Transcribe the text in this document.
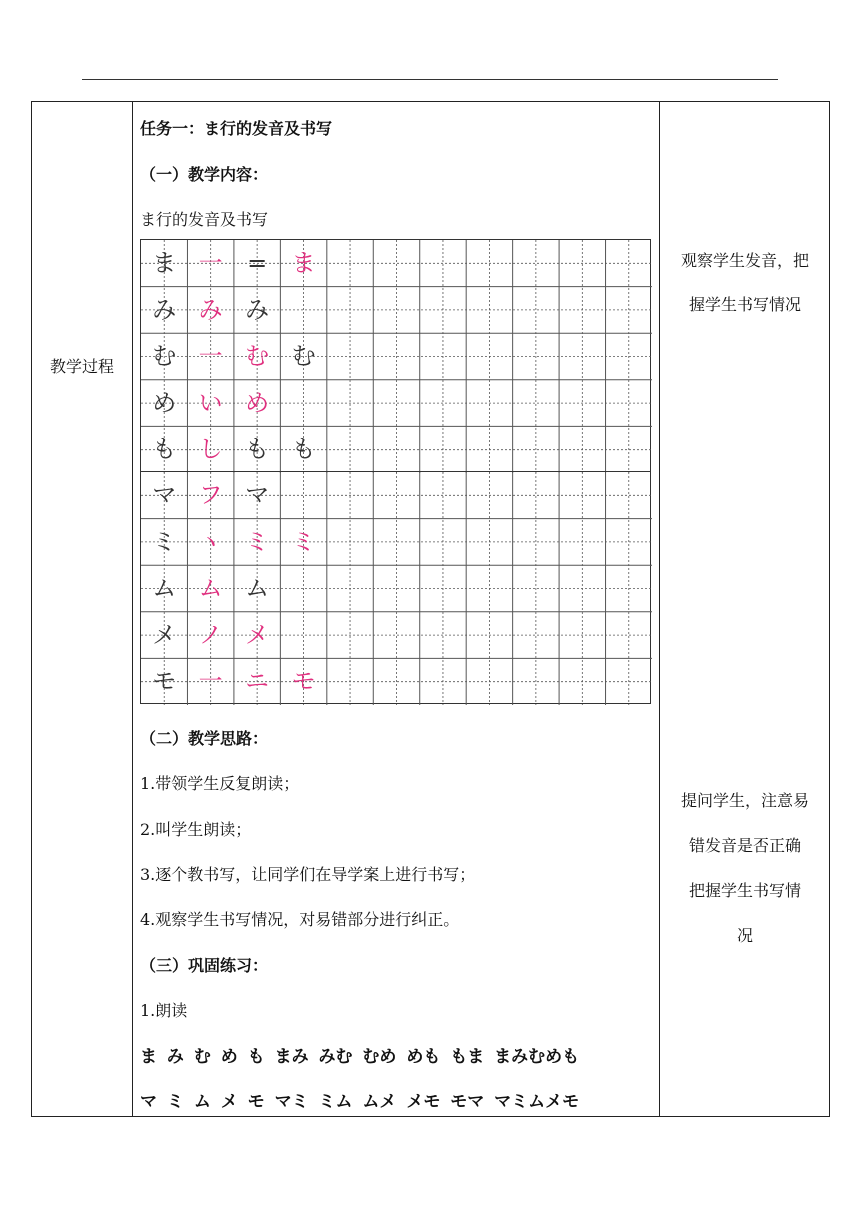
教学过程
任务一：ま行的发音及书写
（一）教学内容：
ま行的发音及书写
ま 一	=	ま
み み み
む 一 む む
め い め
も し も も
マ フ マ
ミ ヽ ミ ミ
ム ム ム
メ ノ メ
モ 一 ニ モ
（二）教学思路：
1.带领学生反复朗读；
2.叫学生朗读；
3.逐个教书写，让同学们在导学案上进行书写；
4.观察学生书写情况，对易错部分进行纠正。
（三）巩固练习：
1.朗读
ま み む め も まみ みむ むめ めも もま まみむめも
マ ミ ム メ モ マミ ミム ムメ メモ モマ マミムメモ
观察学生发音，把
握学生书写情况
提问学生，注意易
错发音是否正确
把握学生书写情
况
